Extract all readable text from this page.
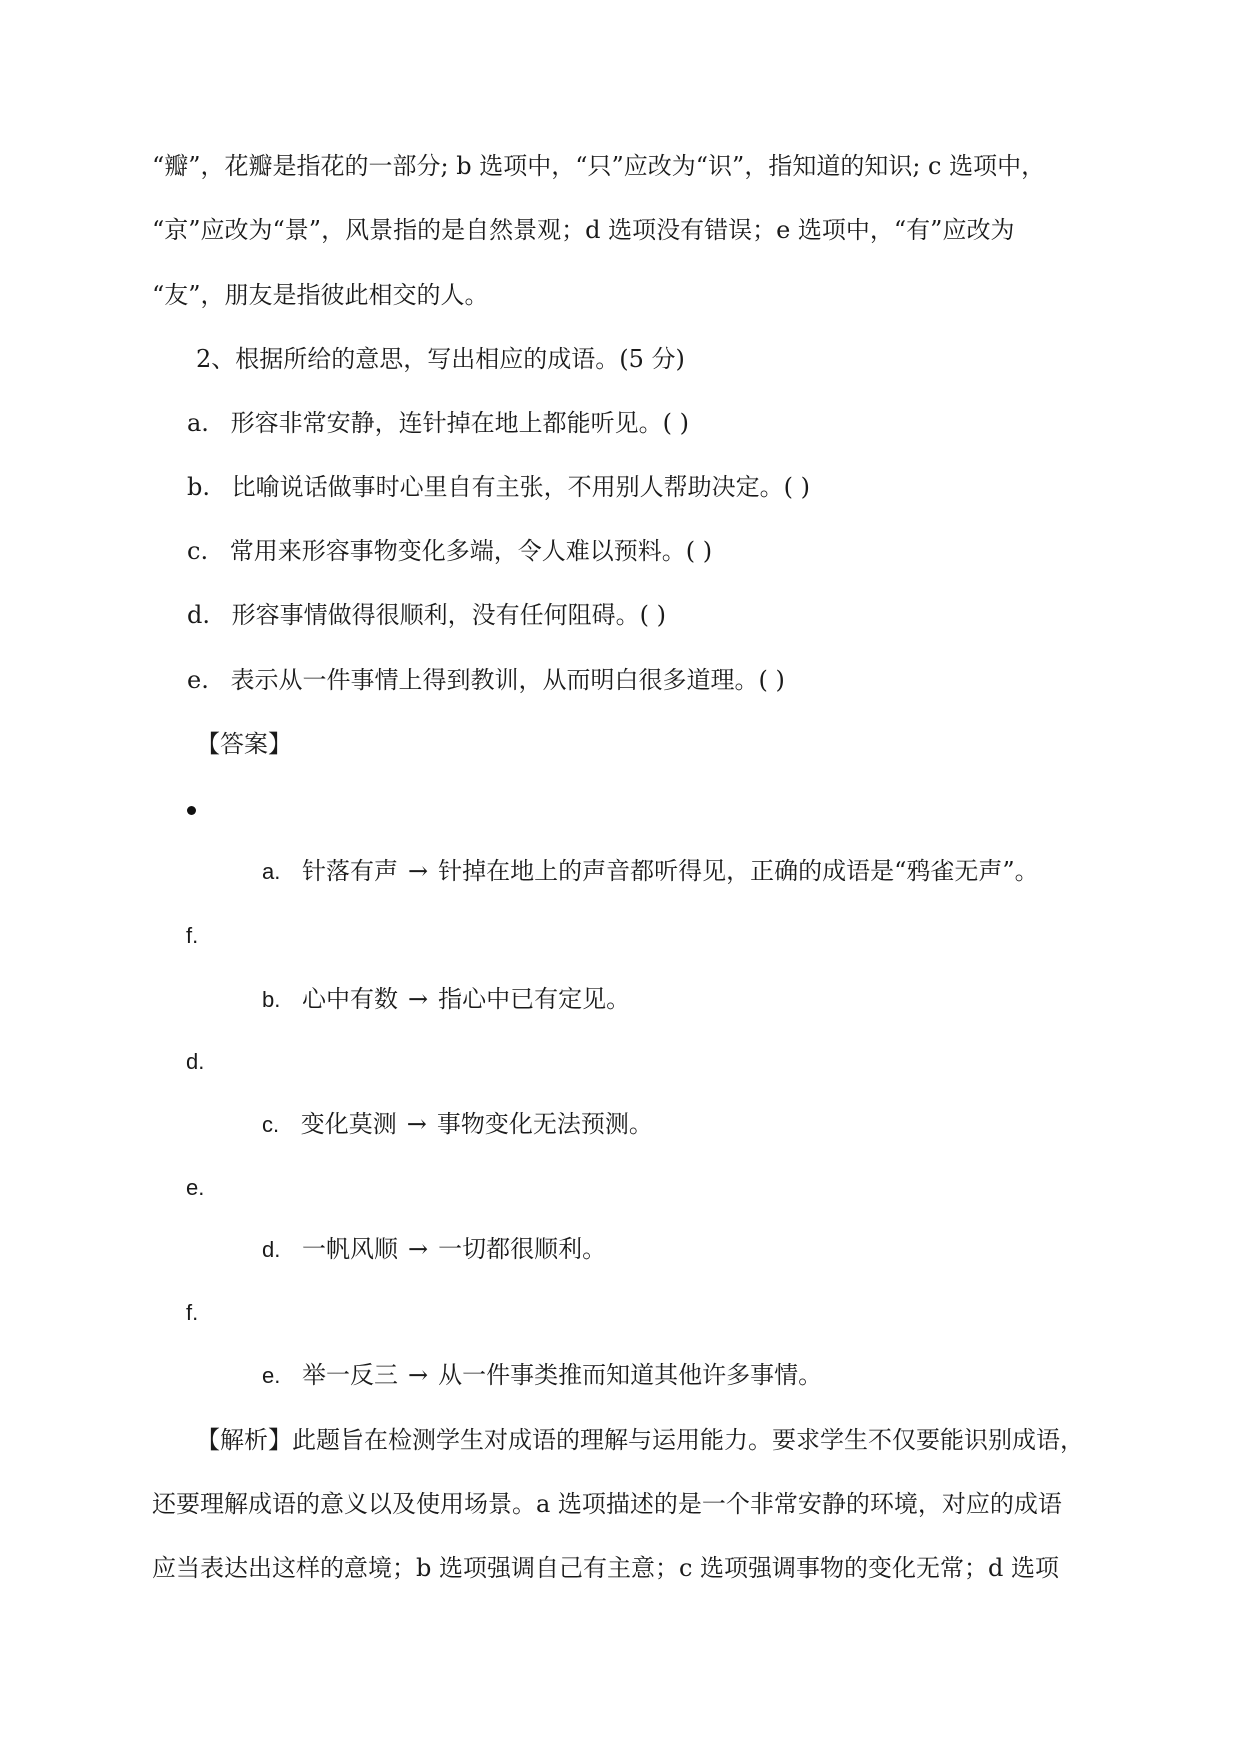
“瓣”，花瓣是指花的一部分; b 选项中，“只”应改为“识”，指知道的知识; c 选项中，
“京”应改为“景”，风景指的是自然景观；d 选项没有错误；e 选项中，“有”应改为
“友”，朋友是指彼此相交的人。
2、根据所给的意思，写出相应的成语。(5 分)
a. 形容非常安静，连针掉在地上都能听见。( )
b. 比喻说话做事时心里自有主张，不用别人帮助决定。( )
c. 常用来形容事物变化多端，令人难以预料。( )
d. 形容事情做得很顺利，没有任何阻碍。( )
e. 表示从一件事情上得到教训，从而明白很多道理。( )
【答案】
a. 针落有声 → 针掉在地上的声音都听得见，正确的成语是“鸦雀无声”。
f.
b. 心中有数 → 指心中已有定见。
d.
c. 变化莫测 → 事物变化无法预测。
e.
d. 一帆风顺 → 一切都很顺利。
f.
e. 举一反三 → 从一件事类推而知道其他许多事情。
【解析】此题旨在检测学生对成语的理解与运用能力。要求学生不仅要能识别成语，
还要理解成语的意义以及使用场景。a 选项描述的是一个非常安静的环境，对应的成语
应当表达出这样的意境；b 选项强调自己有主意；c 选项强调事物的变化无常；d 选项
